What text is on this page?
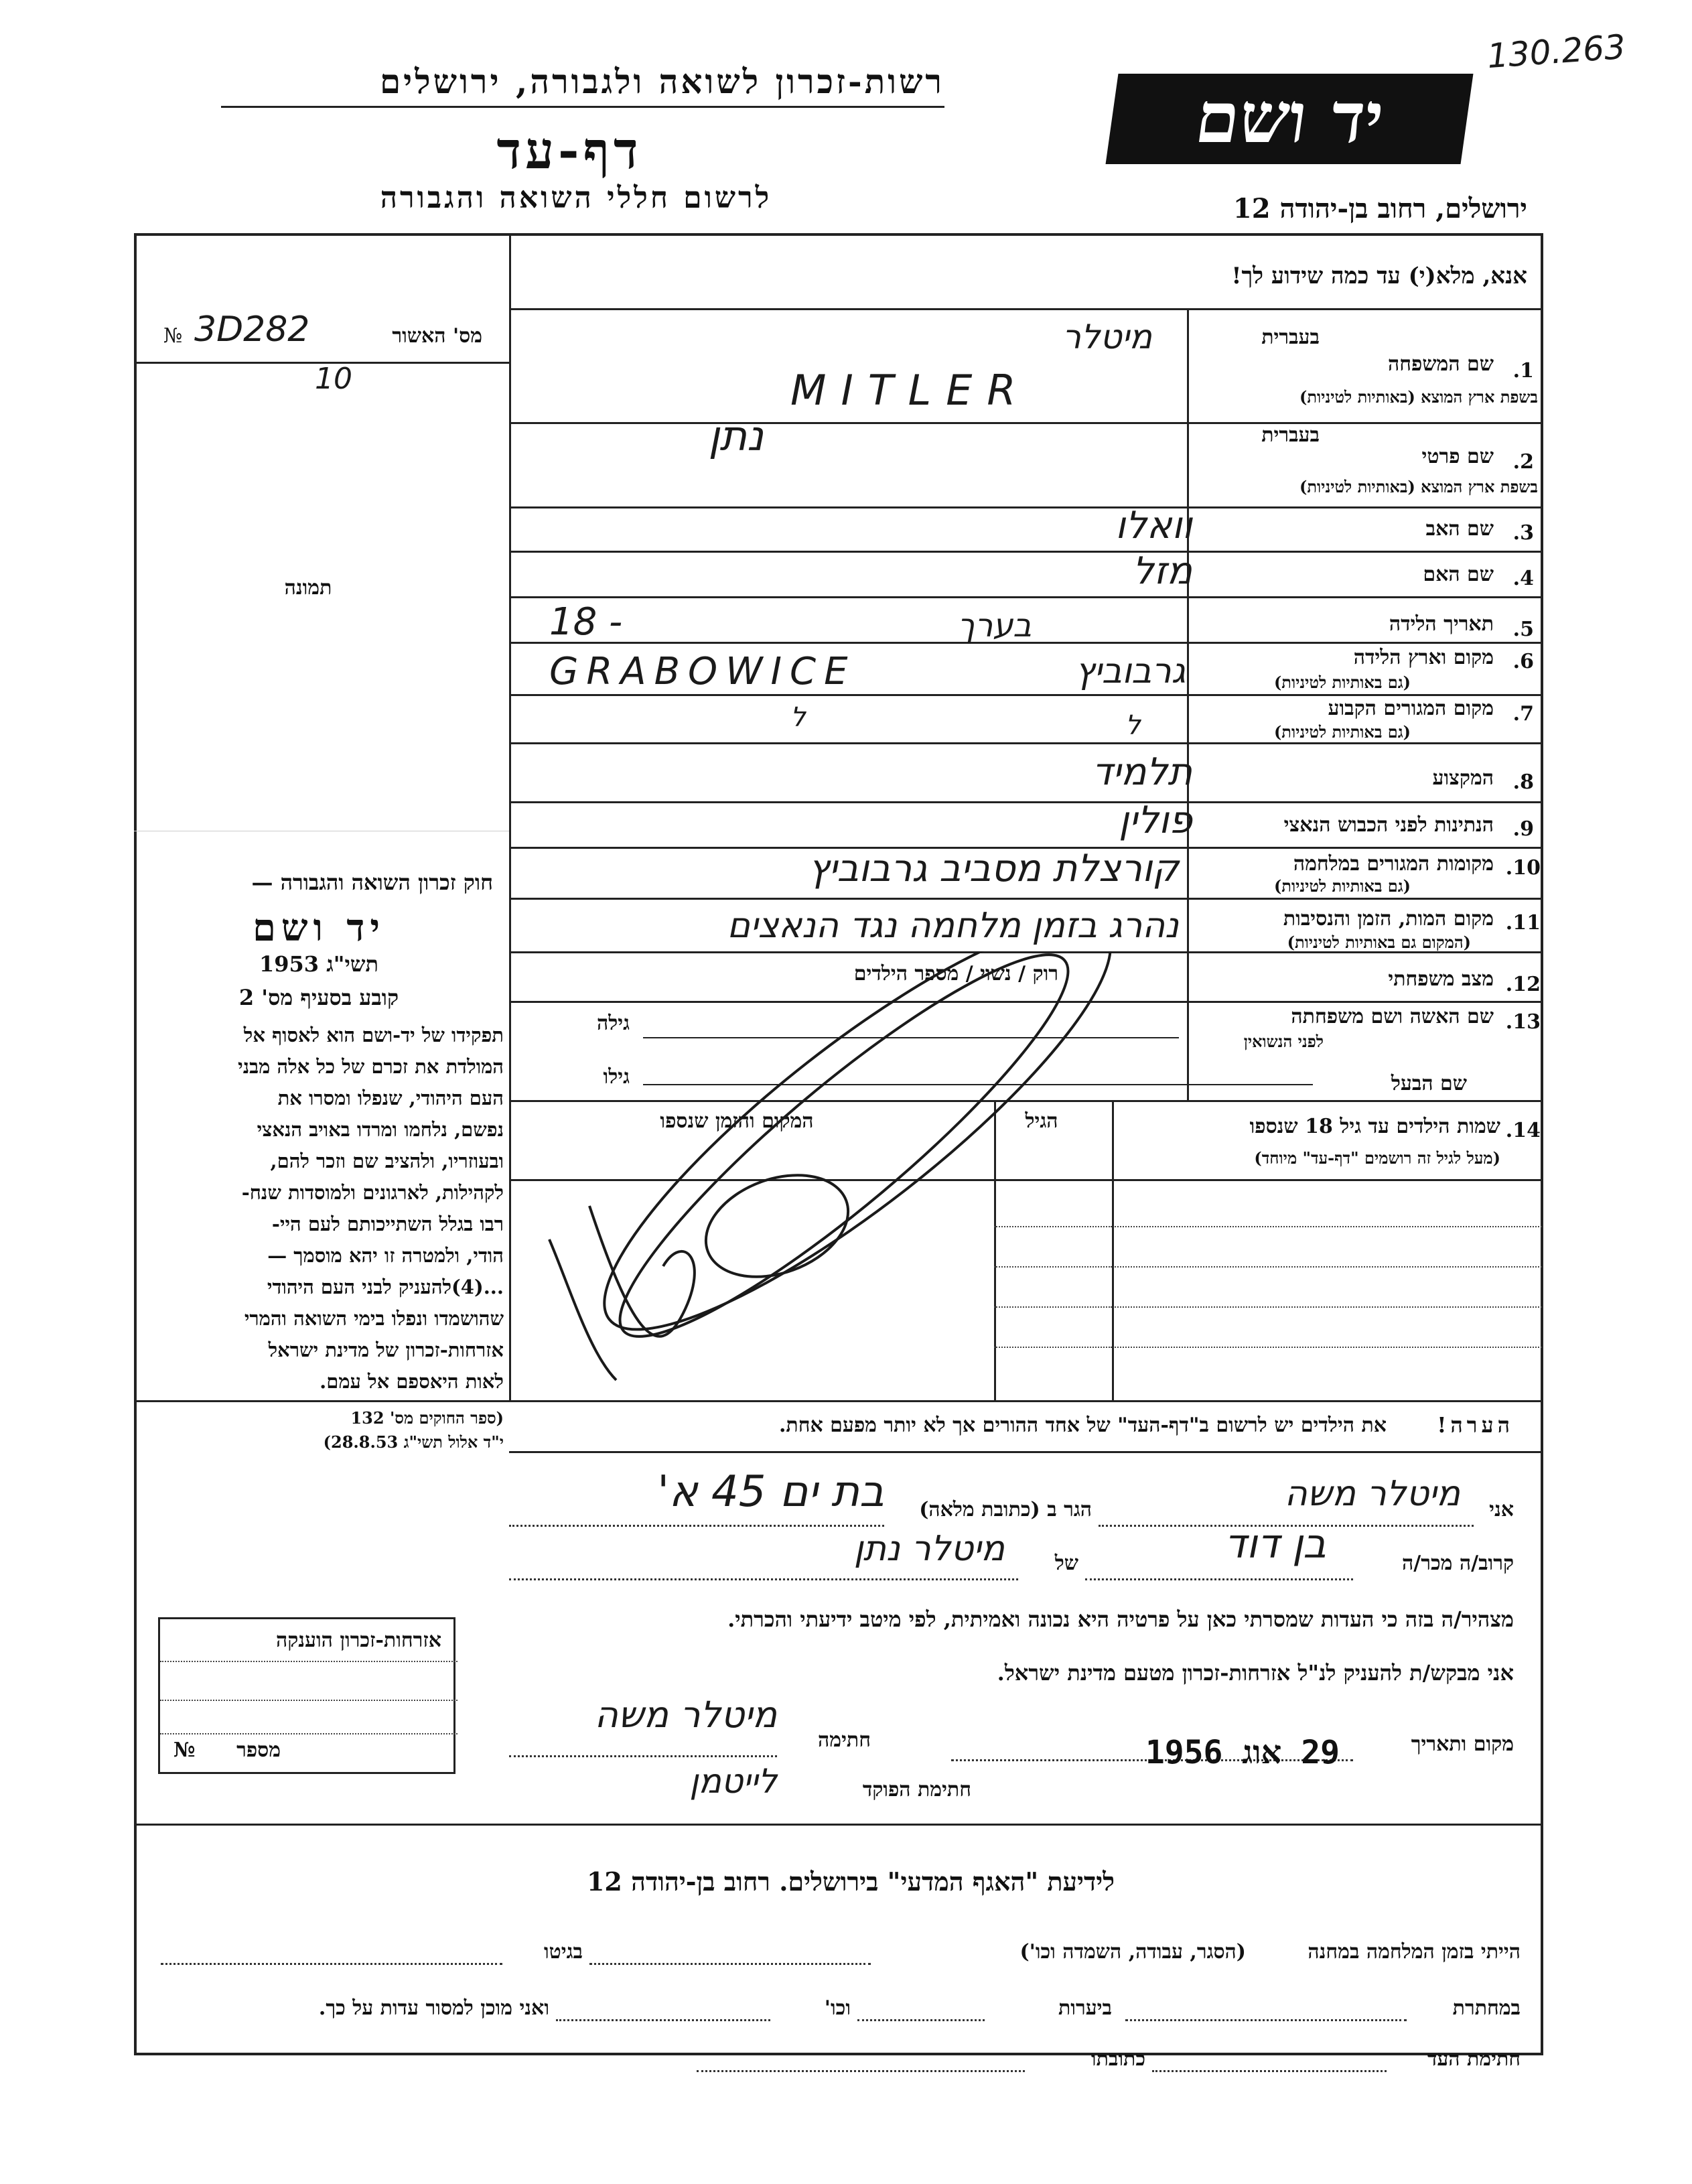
130.263
רשות-זכרון לשואה ולגבורה, ירושלים
דף-עד
לרשום חללי השואה והגבורה
יד ושם
ירושלים, רחוב בן-יהודה 12
אנא, מלא(י) עד כמה שידוע לך!
מס' האשור
№ 3D282
10
תמונה
חוק זכרון השואה והגבורה —
יד ושם
תשי"ג 1953
קובע בסעיף מס' 2
תפקידו של יד-ושם הוא לאסוף אל
המולדת את זכרם של כל אלה מבני
העם היהודי, שנפלו ומסרו את
נפשם, נלחמו ומרדו באויב הנאצי
ובעוזריו, ולהציב שם וזכר להם,
לקהילות, לארגונים ולמוסדות שנח-
רבו בגלל השתייכותם לעם היי-
הודי, ולמטרה זו יהא מוסמך —
...(4)להעניק לבני העם היהודי
שהושמדו ונפלו בימי השואה והמרי
אזרחות-זכרון של מדינת ישראל
לאות היאספם אל עמם.
(ספר החוקים מס' 132
י"ד אלול תשי"ג 28.8.53)
בעברית
1.
שם המשפחה
בשפת ארץ המוצא (באותיות לטיניות)
מיטלר
MITLER
בעברית
2.
שם פרטי
בשפת ארץ המוצא (באותיות לטיניות)
נתן
3.
שם האב
וואלו
4.
שם האם
מזל
5.
תאריך הלידה
בערך
18 -
6.
מקום וארץ הלידה
(גם באותיות לטיניות)
GRABOWICE	גרבוביץ
7.
מקום המגורים הקבוע
(גם באותיות לטיניות)
ל	ל
8.
המקצוע
תלמיד
9.
הנתינות לפני הכבוש הנאצי
פולין
10.
מקומות המגורים במלחמה
(גם באותיות לטיניות)
קורצלת מסביב גרבוביץ
11.
מקום המות, הזמן והנסיבות
(המקום גם באותיות לטיניות)
נהרג בזמן מלחמה נגד הנאצים
12.
מצב משפחתי
רוק / נשוי / מספר הילדים
13.
שם האשה ושם משפחתה
לפני הנשואין
גילה
גילו	שם הבעל
14.
שמות הילדים עד גיל 18 שנספו
(מעל לגיל זה רושמים "דף-עד" מיוחד)
הגיל
המקום והזמן שנספו
הערה!
את הילדים יש לרשום ב"דף-העד" של אחד ההורים אך לא יותר מפעם אחת.
אני
מיטלר משה
הגר ב (כתובת מלאה)
בת ים 45 א'
קרוב/ה מכר/ה
בן דוד
של
מיטלר נתן
מצהיר/ה בזה כי העדות שמסרתי כאן על פרטיה היא נכונה ואמיתית, לפי מיטב ידיעתי והכרתי.
אני מבקש/ת להעניק לנ"ל אזרחות-זכרון מטעם מדינת ישראל.
מקום ותאריך
29 אוג 1956
חתימה
מיטלר משה
חתימת הפוקד
לייטמן
אזרחות-זכרון הוענקה
№	מספר
לידיעת "האגף המדעי" בירושלים. רחוב בן-יהודה 12
הייתי בזמן המלחמה במחנה
(הסגר, עבודה, השמדה וכו')
בגיטו
במחתרת
ביערות
וכו'
ואני מוכן למסור עדות על כך.
חתימת העד
כתובתו
